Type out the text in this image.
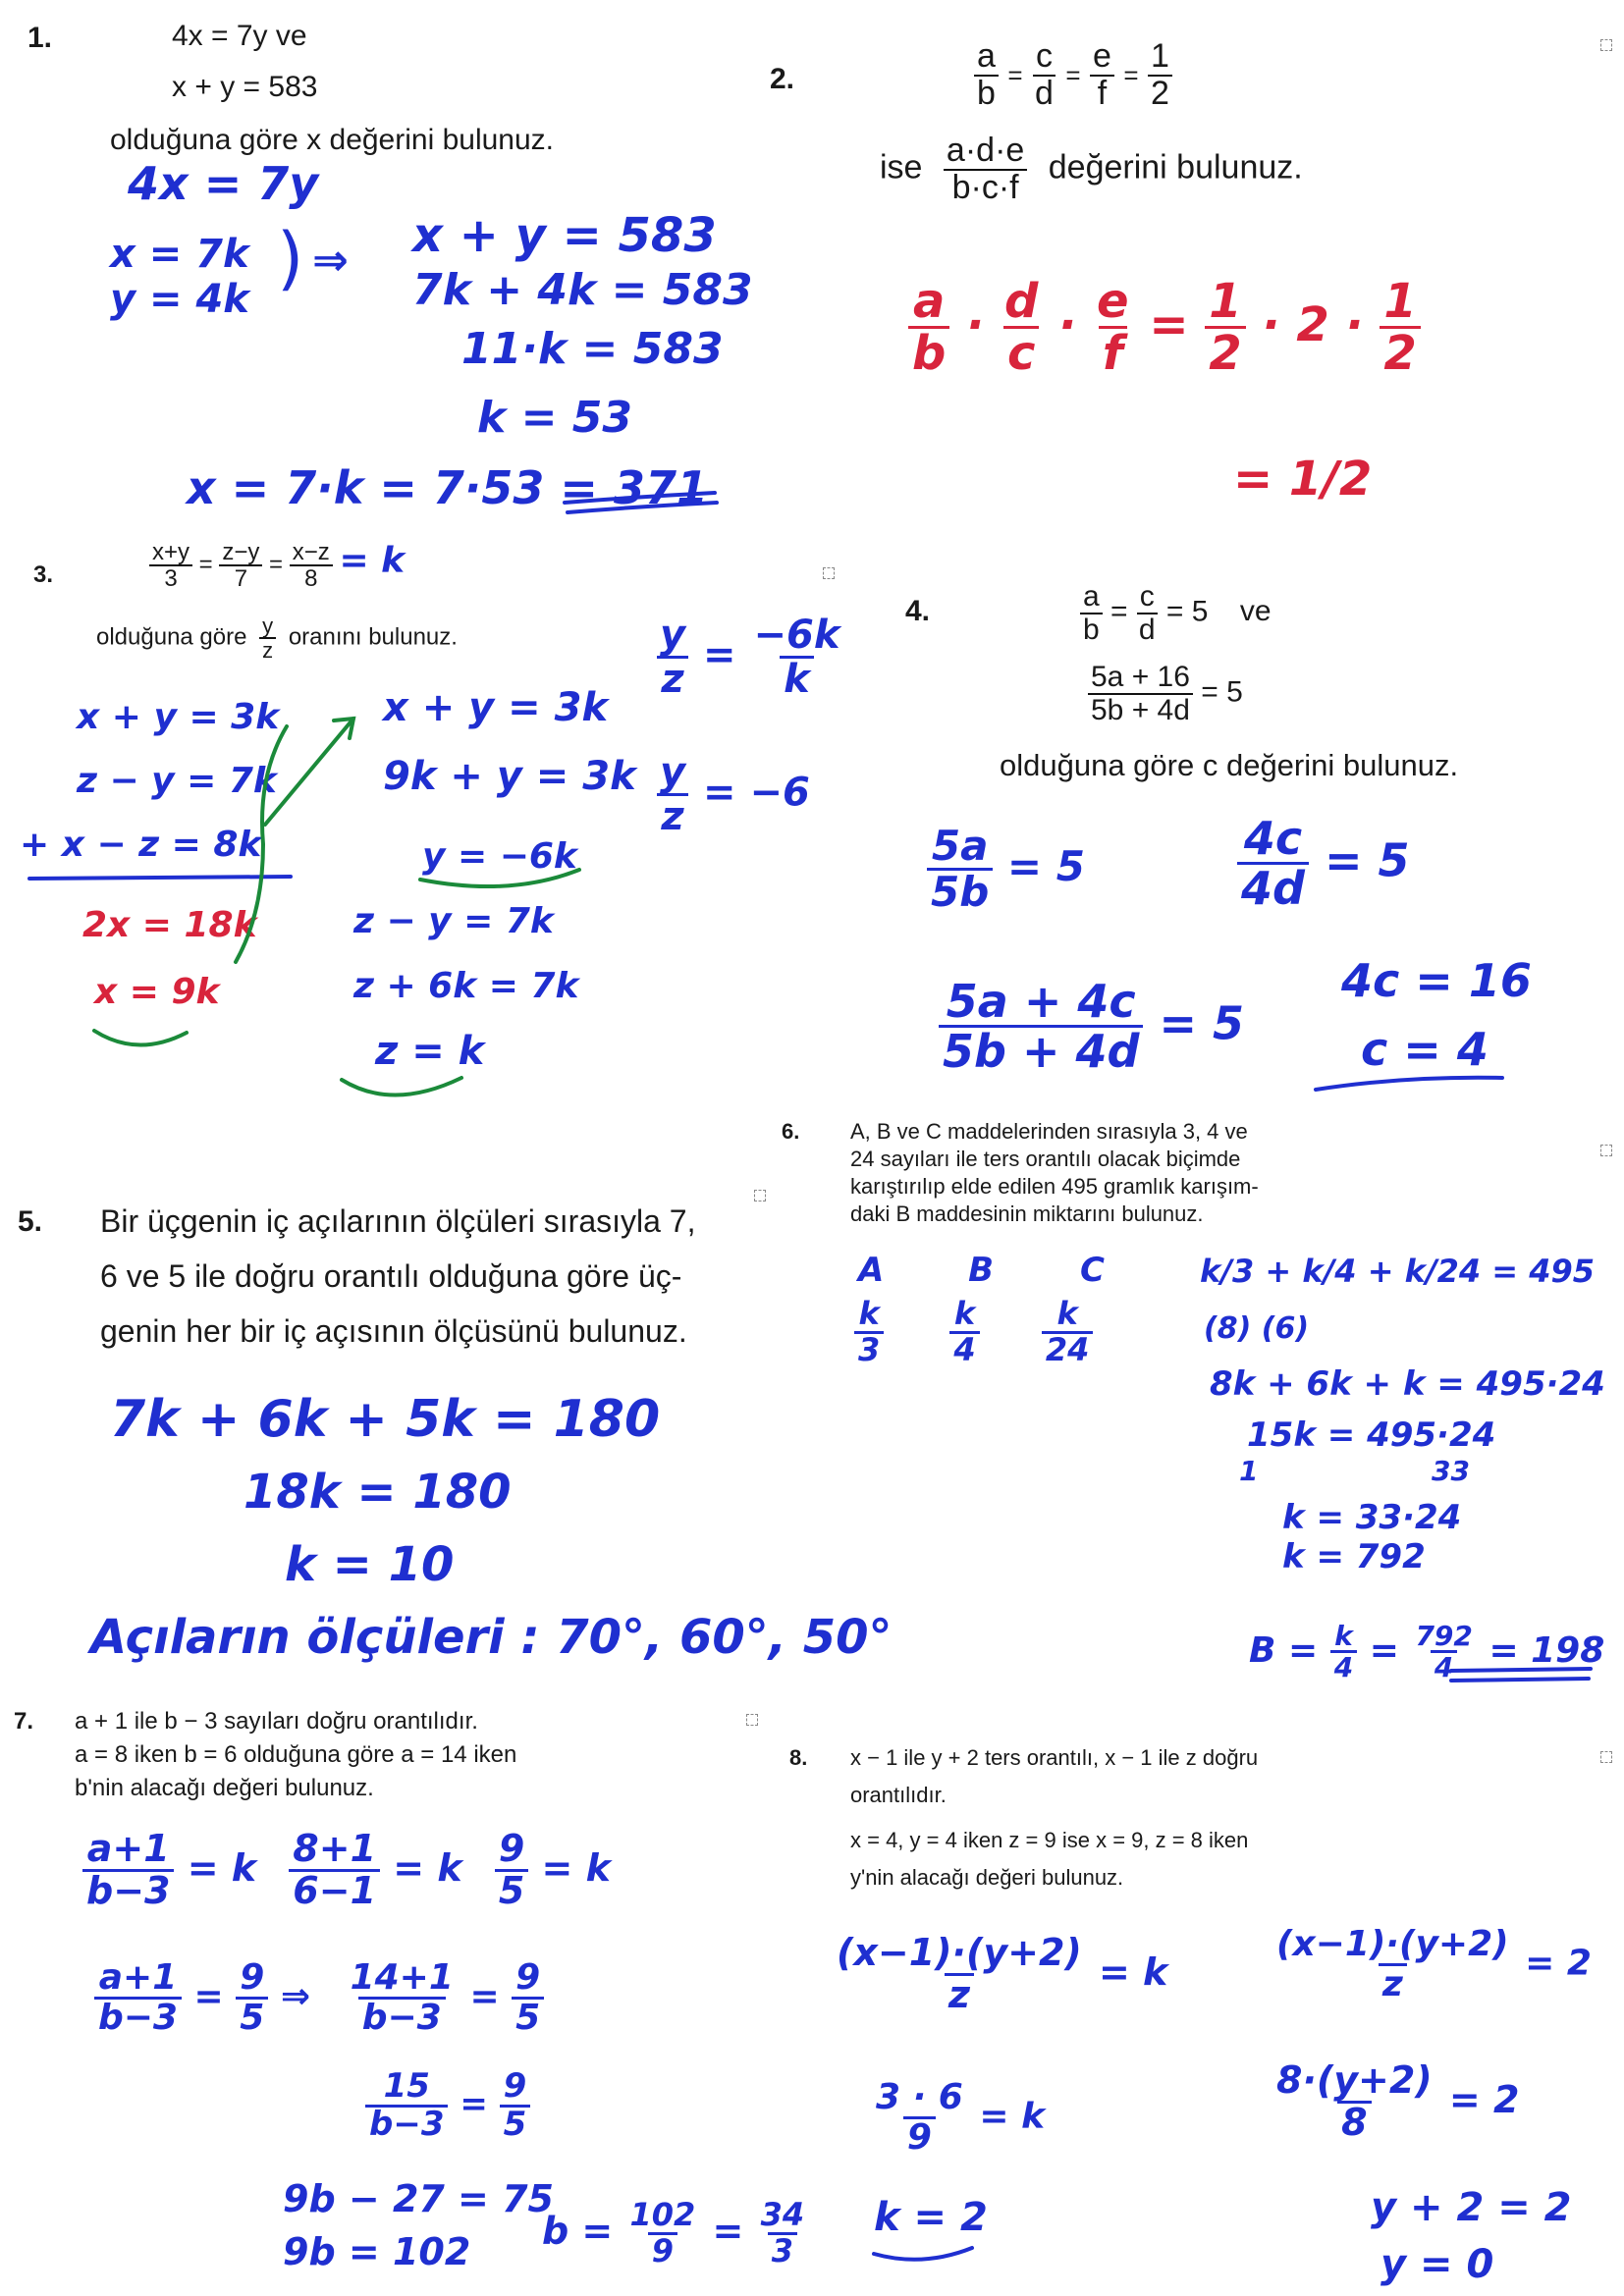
1.	4x = 7y ve
x + y = 583
olduğuna göre x değerini bulunuz.
4x = 7y
x = 7k
y = 4k
) ⇒ x + y = 583
7k + 4k = 583
11·k = 583
k = 53
x = 7·k = 7·53 = 371
2.	$\frac{a}{b} = \frac{c}{d} = \frac{e}{f} = \frac{1}{2}$
ise $\frac{a\cdot d\cdot e}{b\cdot c\cdot f}$ değerini bulunuz.
$\frac{a}{b} \cdot \frac{d}{c} \cdot \frac{e}{f} = \frac{1}{2} \cdot 2 \cdot \frac{1}{2}$
= 1/2
3.	$\frac{x+y}{3} = \frac{z-y}{7} = \frac{x-z}{8} = k$
olduğuna göre $\frac{y}{z}$ oranını bulunuz.
x + y = 3k
z − y = 7k
+ x − z = 8k
2x = 18k
x = 9k
x + y = 3k
9k + y = 3k
y = −6k
z − y = 7k
z + 6k = 7k
z = k
$\frac{y}{z} = \frac{-6k}{k}$
$\frac{y}{z} = -6$
4.	$\frac{a}{b} = \frac{c}{d} = 5$ ve
$\frac{5a + 16}{5b + 4d} = 5$
olduğuna göre c değerini bulunuz.
$\frac{5a}{5b} = 5$	$\frac{4c}{4d} = 5$
$\frac{5a + 4c}{5b + 4d} = 5$
4c = 16
c = 4
6. A, B ve C maddelerinden sırasıyla 3, 4 ve
24 sayıları ile ters orantılı olacak biçimde
karıştırılıp elde edilen 495 gramlık karışım-
daki B maddesinin miktarını bulunuz.
A	B	C
$\frac{k}{3}$
$\frac{k}{4}$
$\frac{k}{24}$
k/3 + k/4 + k/24 = 495
(8) (6)
8k + 6k + k = 495·24
15k = 495·24
1	33
k = 33·24
k = 792
$B = \frac{k}{4} = \frac{792}{4} = 198$
5. Bir üçgenin iç açılarının ölçüleri sırasıyla 7,
6 ve 5 ile doğru orantılı olduğuna göre üç-
genin her bir iç açısının ölçüsünü bulunuz.
7k + 6k + 5k = 180
18k = 180
k = 10
Açıların ölçüleri : 70°, 60°, 50°
7. a + 1 ile b − 3 sayıları doğru orantılıdır.
a = 8 iken b = 6 olduğuna göre a = 14 iken
b'nin alacağı değeri bulunuz.
$\frac{a+1}{b-3} = k \frac{8+1}{6-1} = k \frac{9}{5} = k$
$\frac{a+1}{b-3} = \frac{9}{5}$ ⇒ $\frac{14+1}{b-3} = \frac{9}{5}$
$\frac{15}{b-3} = \frac{9}{5}$
9b − 27 = 75
9b = 102 $b = \frac{102}{9} = \frac{34}{3}$
8. x − 1 ile y + 2 ters orantılı, x − 1 ile z doğru
orantılıdır.
x = 4, y = 4 iken z = 9 ise x = 9, z = 8 iken
y'nin alacağı değeri bulunuz.
$\frac{(x-1)\cdot(y+2)}{z} = k$
$\frac{3 \cdot 6}{9} = k$
k = 2
$\frac{(x-1)\cdot(y+2)}{z} = 2$
$\frac{8\cdot(y+2)}{8} = 2$
y + 2 = 2
y = 0
